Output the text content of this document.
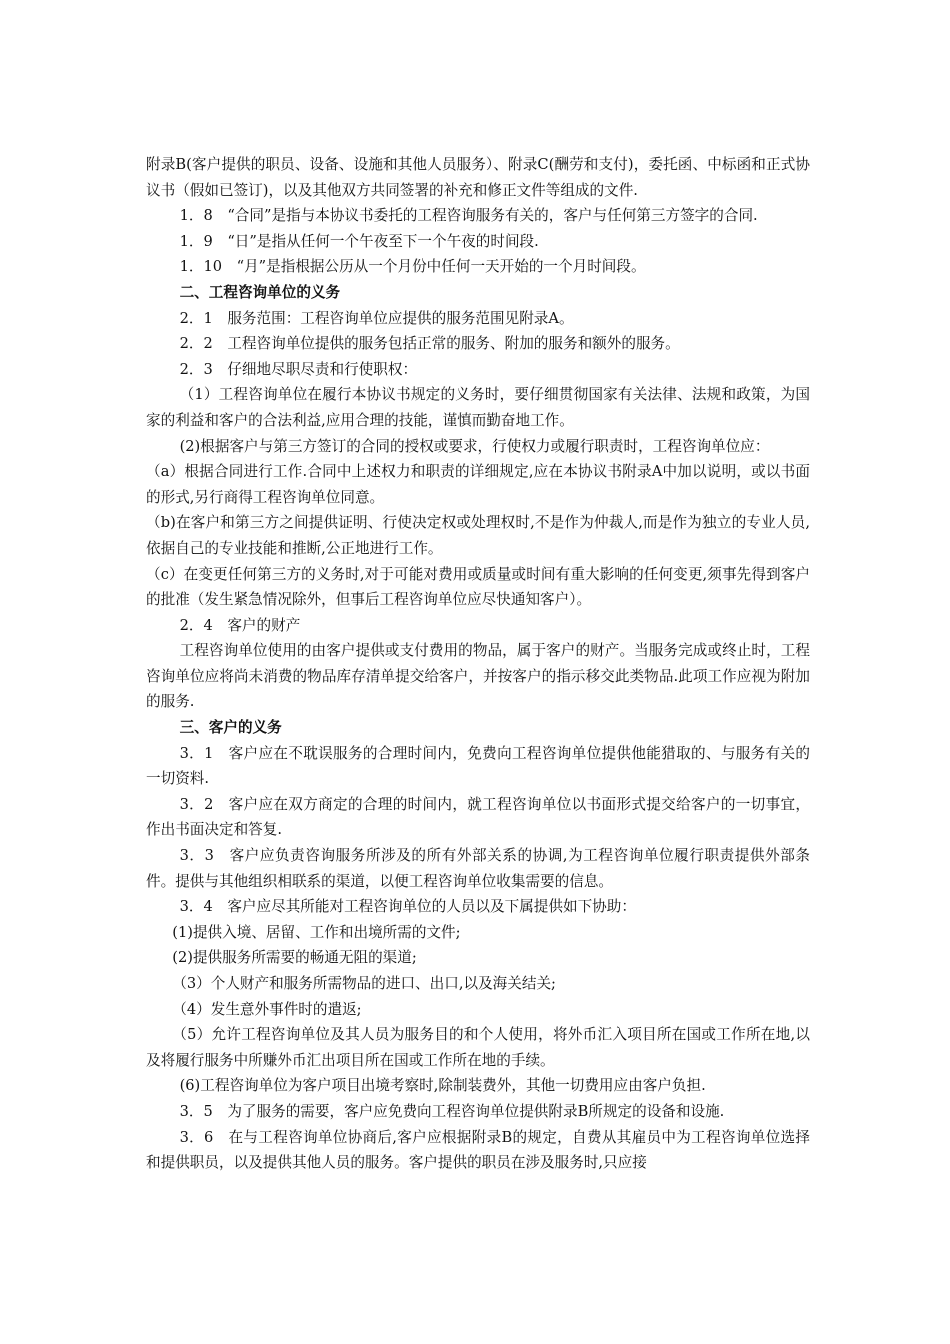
附录B(客户提供的职员、设备、设施和其他人员服务）、附录C(酬劳和支付)，委托函、中标函和正式协议书（假如已签订)，以及其他双方共同签署的补充和修正文件等组成的文件.

1．8　“合同”是指与本协议书委托的工程咨询服务有关的，客户与任何第三方签字的合同.

1．9　“日”是指从任何一个午夜至下一个午夜的时间段.

1．10　“月”是指根据公历从一个月份中任何一天开始的一个月时间段。

二、工程咨询单位的义务

2．1　服务范围：工程咨询单位应提供的服务范围见附录A。

2．2　工程咨询单位提供的服务包括正常的服务、附加的服务和额外的服务。

2．3　仔细地尽职尽责和行使职权：

（1）工程咨询单位在履行本协议书规定的义务时，要仔细贯彻国家有关法律、法规和政策，为国家的利益和客户的合法利益,应用合理的技能，谨慎而勤奋地工作。

(2)根据客户与第三方签订的合同的授权或要求，行使权力或履行职责时，工程咨询单位应：

（a）根据合同进行工作.合同中上述权力和职责的详细规定,应在本协议书附录A中加以说明，或以书面的形式,另行商得工程咨询单位同意。

（b)在客户和第三方之间提供证明、行使决定权或处理权时,不是作为仲裁人,而是作为独立的专业人员,依据自己的专业技能和推断,公正地进行工作。

（c）在变更任何第三方的义务时,对于可能对费用或质量或时间有重大影响的任何变更,须事先得到客户的批准（发生紧急情况除外，但事后工程咨询单位应尽快通知客户）。

2．4　客户的财产

工程咨询单位使用的由客户提供或支付费用的物品，属于客户的财产。当服务完成或终止时，工程咨询单位应将尚未消费的物品库存清单提交给客户，并按客户的指示移交此类物品.此项工作应视为附加的服务.

三、客户的义务

3．1　客户应在不耽误服务的合理时间内，免费向工程咨询单位提供他能猎取的、与服务有关的一切资料.

3．2　客户应在双方商定的合理的时间内，就工程咨询单位以书面形式提交给客户的一切事宜，作出书面决定和答复.

3．3　客户应负责咨询服务所涉及的所有外部关系的协调,为工程咨询单位履行职责提供外部条件。提供与其他组织相联系的渠道，以便工程咨询单位收集需要的信息。

3．4　客户应尽其所能对工程咨询单位的人员以及下属提供如下协助：

(1)提供入境、居留、工作和出境所需的文件;

(2)提供服务所需要的畅通无阻的渠道;

（3）个人财产和服务所需物品的进口、出口,以及海关结关;

（4）发生意外事件时的遣返;

（5）允许工程咨询单位及其人员为服务目的和个人使用，将外币汇入项目所在国或工作所在地,以及将履行服务中所赚外币汇出项目所在国或工作所在地的手续。

(6)工程咨询单位为客户项目出境考察时,除制装费外，其他一切费用应由客户负担.

3．5　为了服务的需要，客户应免费向工程咨询单位提供附录B所规定的设备和设施.

3．6　在与工程咨询单位协商后,客户应根据附录B的规定，自费从其雇员中为工程咨询单位选择和提供职员，以及提供其他人员的服务。客户提供的职员在涉及服务时,只应接
